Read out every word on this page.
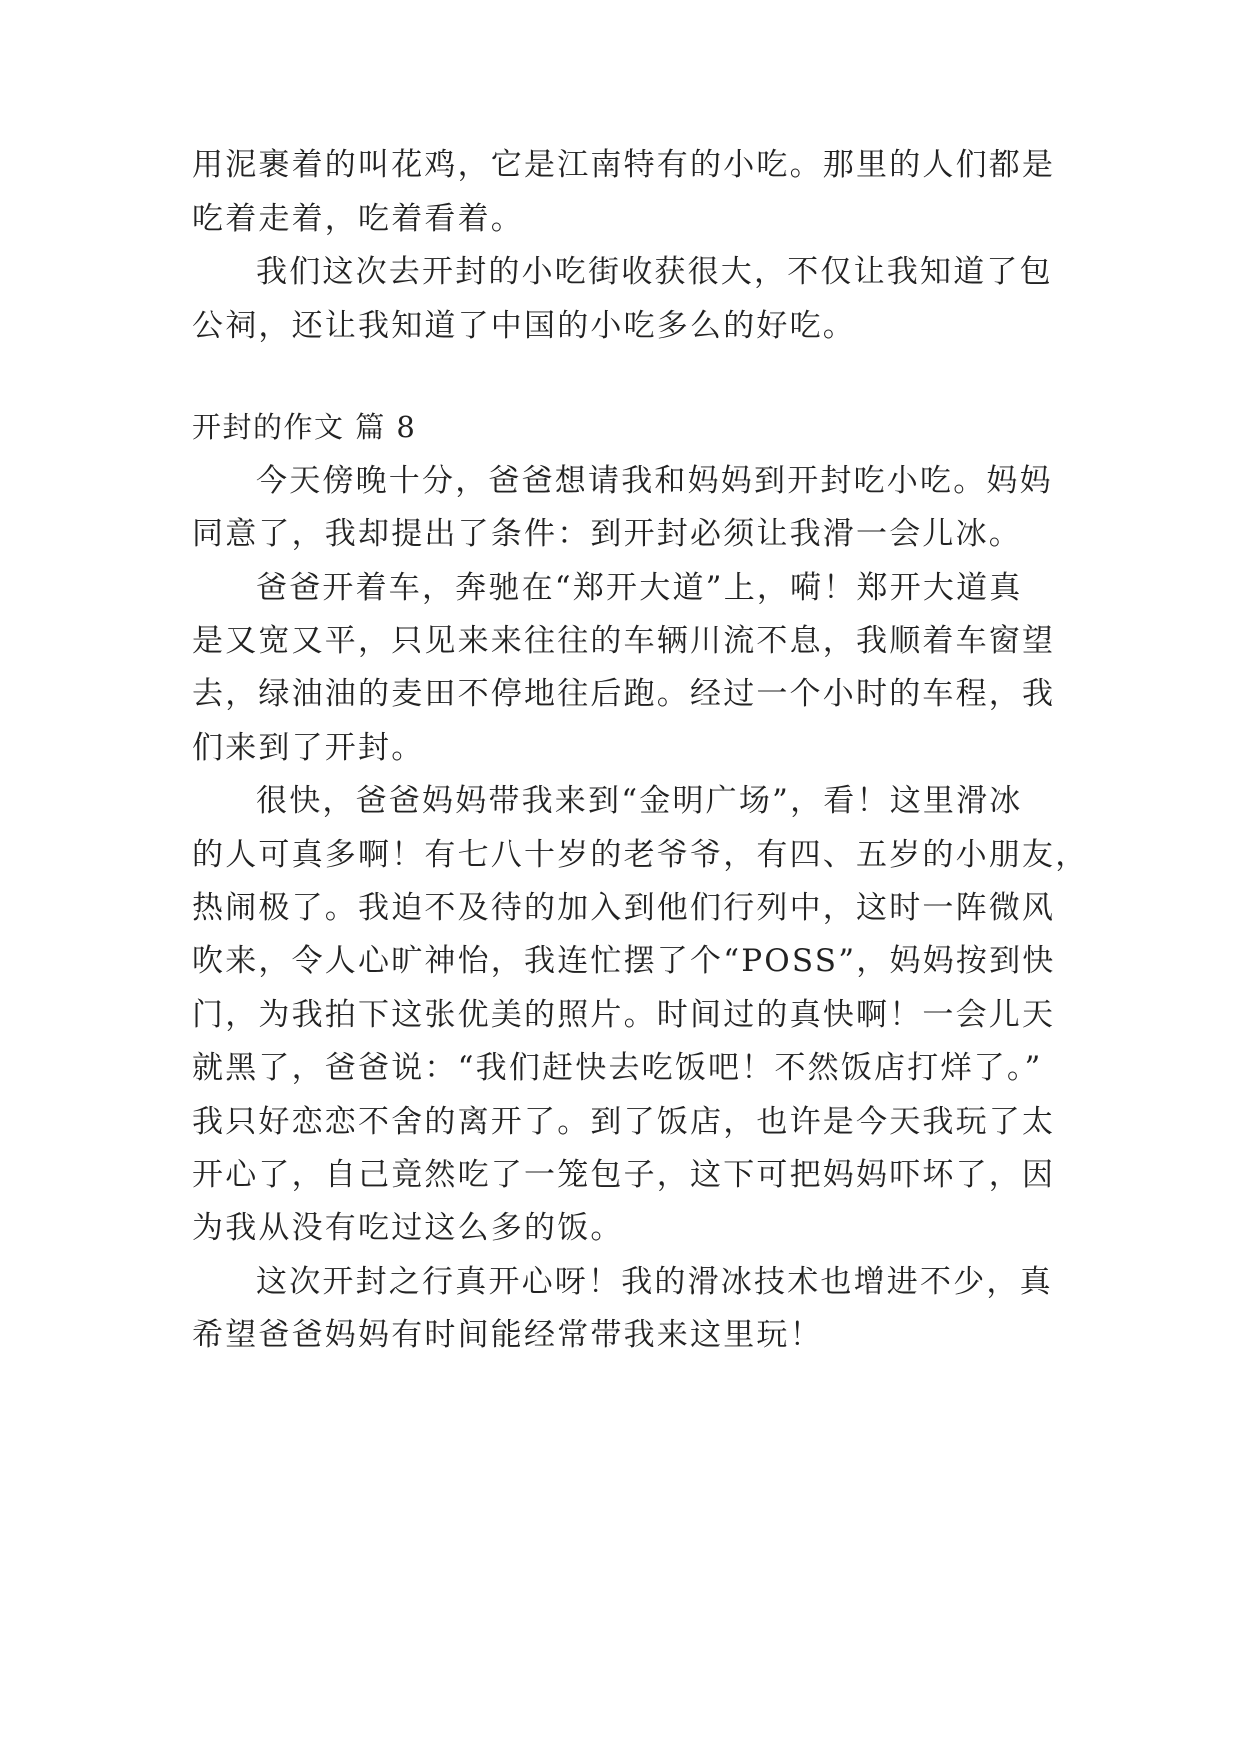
用泥裹着的叫花鸡，它是江南特有的小吃。那里的人们都是
吃着走着，吃着看着。
我们这次去开封的小吃街收获很大，不仅让我知道了包
公祠，还让我知道了中国的小吃多么的好吃。
开封的作文 篇 8
今天傍晚十分，爸爸想请我和妈妈到开封吃小吃。妈妈
同意了，我却提出了条件：到开封必须让我滑一会儿冰。
爸爸开着车，奔驰在“郑开大道”上，嗬！郑开大道真
是又宽又平，只见来来往往的车辆川流不息，我顺着车窗望
去，绿油油的麦田不停地往后跑。经过一个小时的车程，我
们来到了开封。
很快，爸爸妈妈带我来到“金明广场”，看！这里滑冰
的人可真多啊！有七八十岁的老爷爷，有四、五岁的小朋友，
热闹极了。我迫不及待的加入到他们行列中，这时一阵微风
吹来，令人心旷神怡，我连忙摆了个“POSS”，妈妈按到快
门，为我拍下这张优美的照片。时间过的真快啊！一会儿天
就黑了，爸爸说：“我们赶快去吃饭吧！不然饭店打烊了。”
我只好恋恋不舍的离开了。到了饭店，也许是今天我玩了太
开心了，自己竟然吃了一笼包子，这下可把妈妈吓坏了，因
为我从没有吃过这么多的饭。
这次开封之行真开心呀！我的滑冰技术也增进不少，真
希望爸爸妈妈有时间能经常带我来这里玩！
